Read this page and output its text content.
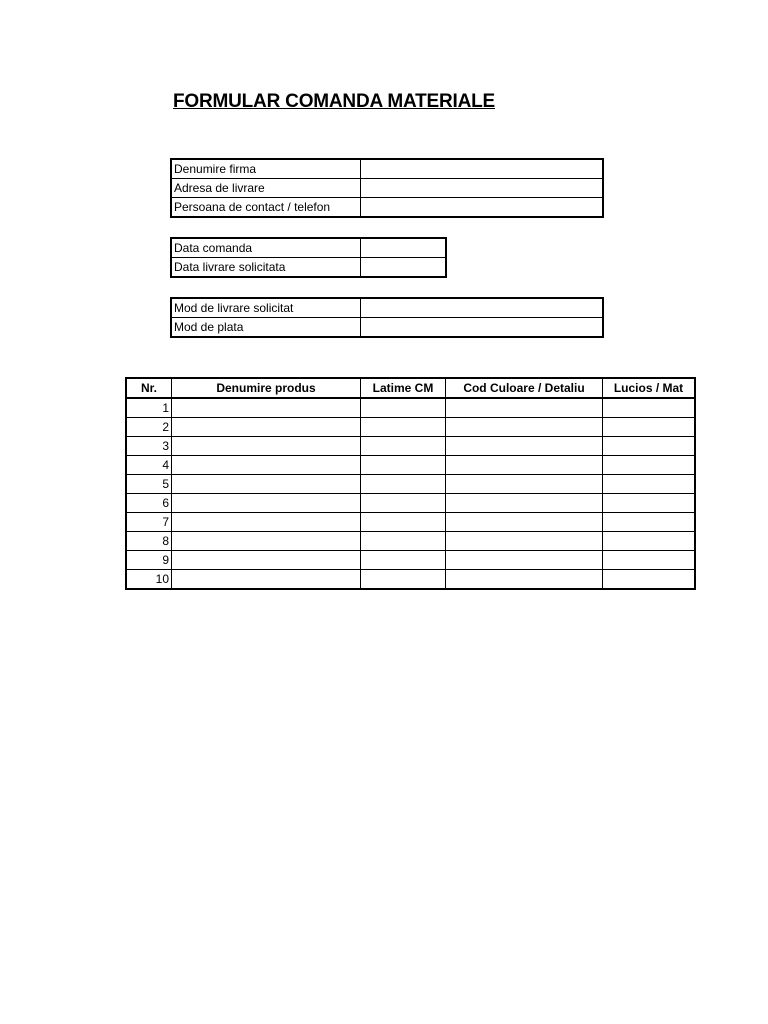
FORMULAR COMANDA MATERIALE
Denumire firma	
Adresa de livrare	
Persoana de contact / telefon	
Data comanda	
Data livrare solicitata	
Mod de livrare solicitat	
Mod de plata	
Nr.	Denumire produs	Latime CM	Cod Culoare / Detaliu	Lucios / Mat
1				
2				
3				
4				
5				
6				
7				
8				
9				
10				
